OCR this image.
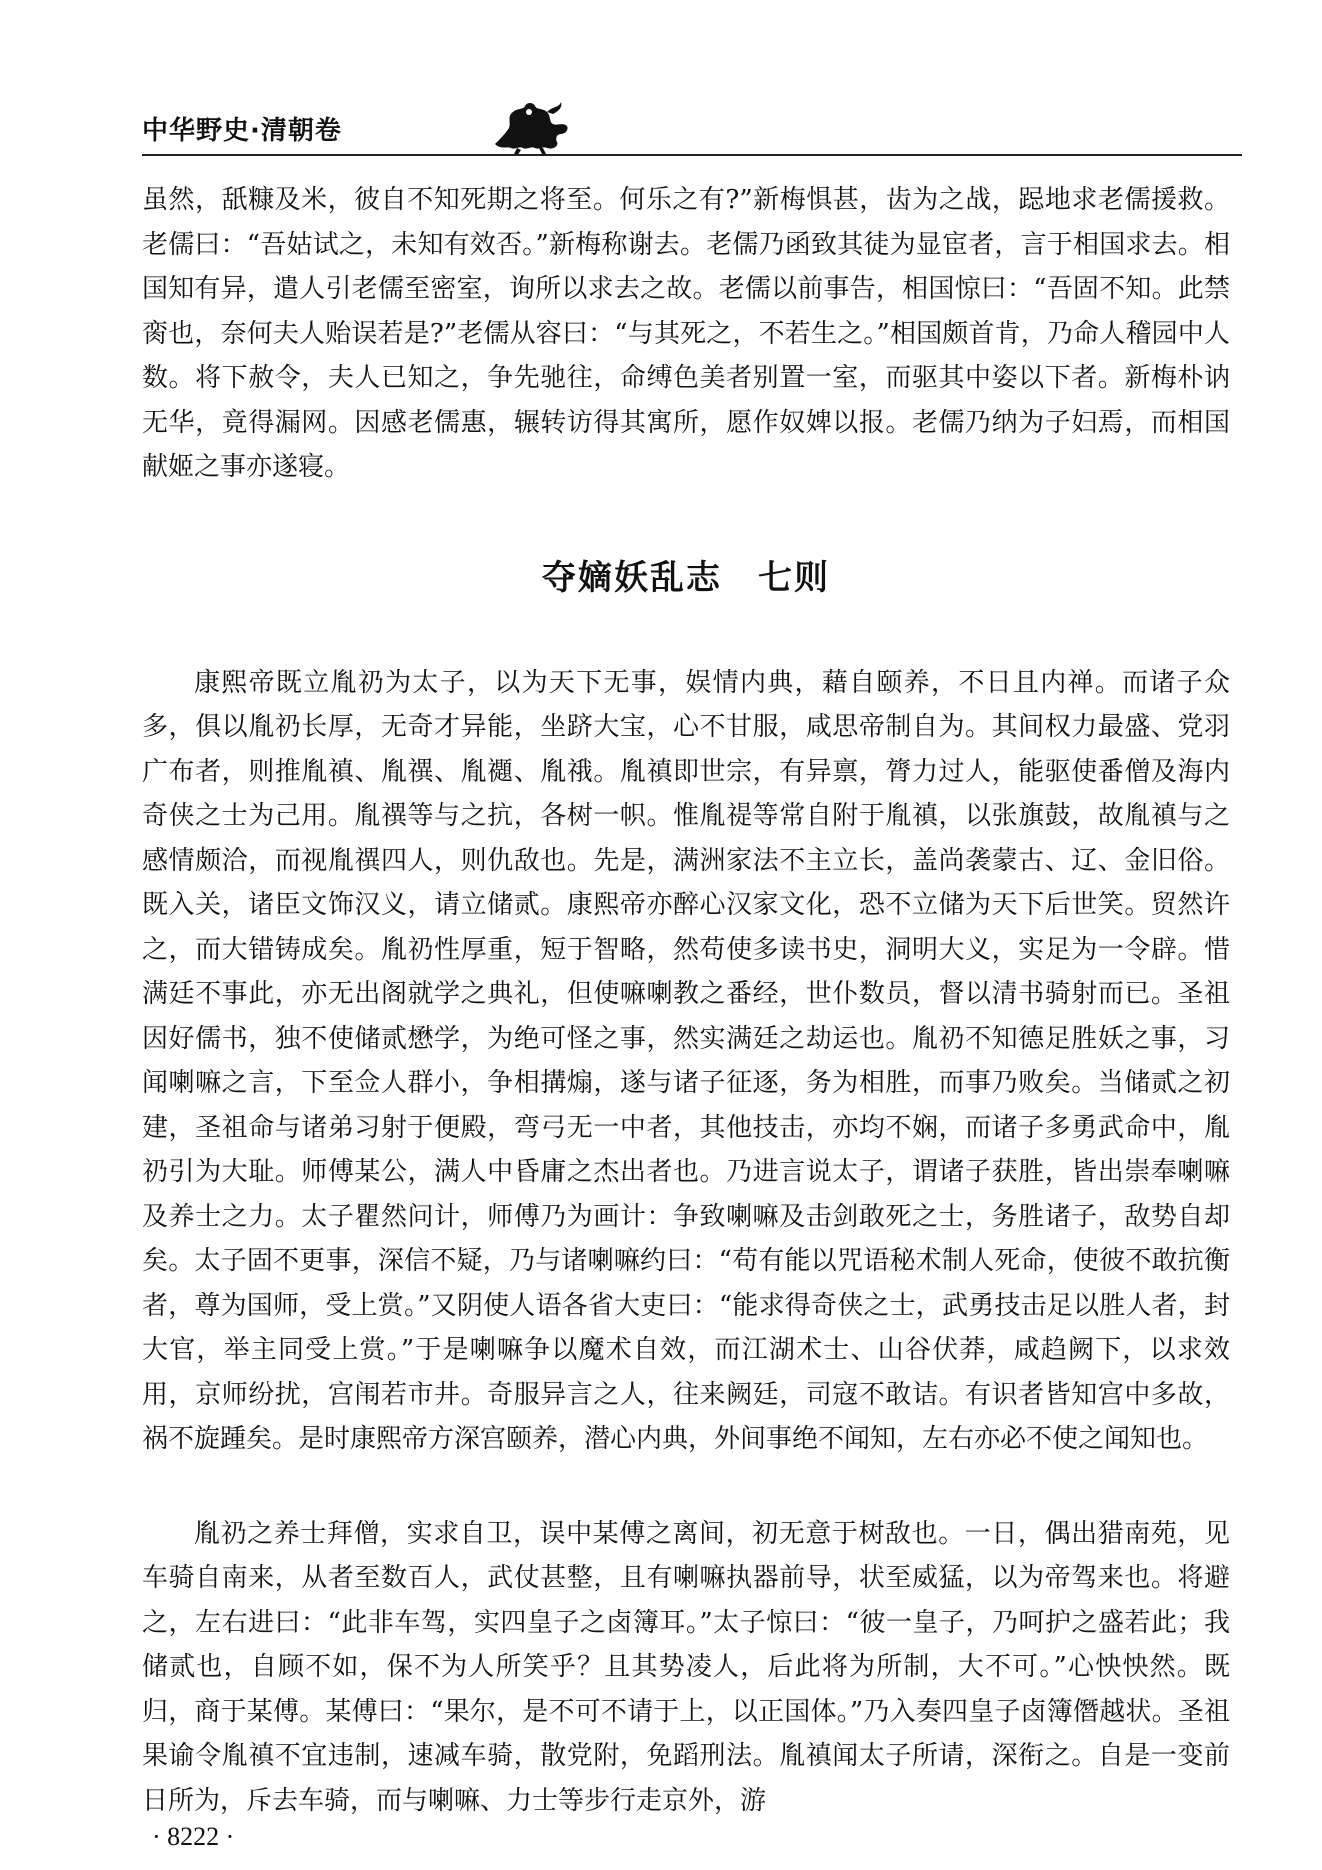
中华野史·清朝卷

虽然，舐糠及米，彼自不知死期之将至。何乐之有?”新梅惧甚，齿为之战，跽地求老儒援救。老儒曰：“吾姑试之，未知有效否。”新梅称谢去。老儒乃函致其徒为显宦者，言于相国求去。相国知有异，遣人引老儒至密室，询所以求去之故。老儒以前事告，相国惊曰：“吾固不知。此禁脔也，奈何夫人贻误若是?”老儒从容曰：“与其死之，不若生之。”相国颇首肯，乃命人稽园中人数。将下赦令，夫人已知之，争先驰往，命缚色美者别置一室，而驱其中姿以下者。新梅朴讷无华，竟得漏网。因感老儒惠，辗转访得其寓所，愿作奴婢以报。老儒乃纳为子妇焉，而相国献姬之事亦遂寝。

夺嫡妖乱志 七则

康熙帝既立胤礽为太子，以为天下无事，娱情内典，藉自颐养，不日且内禅。而诸子众多，俱以胤礽长厚，无奇才异能，坐跻大宝，心不甘服，咸思帝制自为。其间权力最盛、党羽广布者，则推胤禛、胤禩、胤禵、胤䄉。胤禛即世宗，有异禀，膂力过人，能驱使番僧及海内奇侠之士为己用。胤禩等与之抗，各树一帜。惟胤禔等常自附于胤禛，以张旗鼓，故胤禛与之感情颇洽，而视胤禩四人，则仇敌也。先是，满洲家法不主立长，盖尚袭蒙古、辽、金旧俗。既入关，诸臣文饰汉义，请立储贰。康熙帝亦醉心汉家文化，恐不立储为天下后世笑。贸然许之，而大错铸成矣。胤礽性厚重，短于智略，然苟使多读书史，洞明大义，实足为一令辟。惜满廷不事此，亦无出阁就学之典礼，但使嘛喇教之番经，世仆数员，督以清书骑射而已。圣祖因好儒书，独不使储贰懋学，为绝可怪之事，然实满廷之劫运也。胤礽不知德足胜妖之事，习闻喇嘛之言，下至佥人群小，争相搆煽，遂与诸子征逐，务为相胜，而事乃败矣。当储贰之初建，圣祖命与诸弟习射于便殿，弯弓无一中者，其他技击，亦均不娴，而诸子多勇武命中，胤礽引为大耻。师傅某公，满人中昏庸之杰出者也。乃进言说太子，谓诸子获胜，皆出崇奉喇嘛及养士之力。太子瞿然问计，师傅乃为画计：争致喇嘛及击剑敢死之士，务胜诸子，敌势自却矣。太子固不更事，深信不疑，乃与诸喇嘛约曰：“苟有能以咒语秘术制人死命，使彼不敢抗衡者，尊为国师，受上赏。”又阴使人语各省大吏曰：“能求得奇侠之士，武勇技击足以胜人者，封大官，举主同受上赏。”于是喇嘛争以魔术自效，而江湖术士、山谷伏莽，咸趋阙下，以求效用，京师纷扰，宫闱若市井。奇服异言之人，往来阙廷，司寇不敢诘。有识者皆知宫中多故，祸不旋踵矣。是时康熙帝方深宫颐养，潜心内典，外间事绝不闻知，左右亦必不使之闻知也。

胤礽之养士拜僧，实求自卫，误中某傅之离间，初无意于树敌也。一日，偶出猎南苑，见车骑自南来，从者至数百人，武仗甚整，且有喇嘛执器前导，状至威猛，以为帝驾来也。将避之，左右进曰：“此非车驾，实四皇子之卤簿耳。”太子惊曰：“彼一皇子，乃呵护之盛若此；我储贰也，自顾不如，保不为人所笑乎？且其势凌人，后此将为所制，大不可。”心怏怏然。既归，商于某傅。某傅曰：“果尔，是不可不请于上，以正国体。”乃入奏四皇子卤簿僭越状。圣祖果谕令胤禛不宜违制，速减车骑，散党附，免蹈刑法。胤禛闻太子所请，深衔之。自是一变前日所为，斥去车骑，而与喇嘛、力士等步行走京外，游

· 8222 ·
